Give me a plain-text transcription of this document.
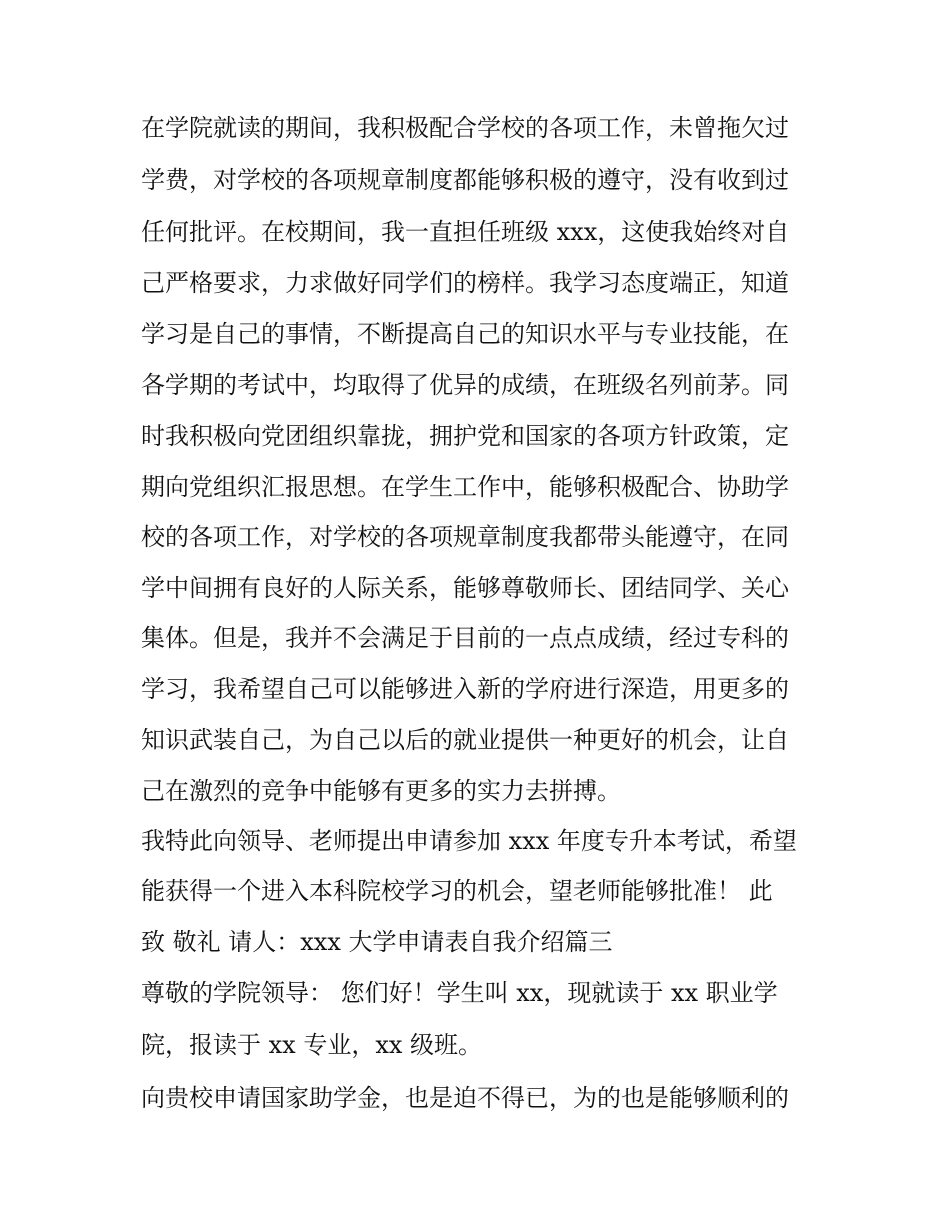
在学院就读的期间，我积极配合学校的各项工作，未曾拖欠过
学费，对学校的各项规章制度都能够积极的遵守，没有收到过
任何批评。在校期间，我一直担任班级 xxx，这使我始终对自
己严格要求，力求做好同学们的榜样。我学习态度端正，知道
学习是自己的事情，不断提高自己的知识水平与专业技能，在
各学期的考试中，均取得了优异的成绩，在班级名列前茅。同
时我积极向党团组织靠拢，拥护党和国家的各项方针政策，定
期向党组织汇报思想。在学生工作中，能够积极配合、协助学
校的各项工作，对学校的各项规章制度我都带头能遵守，在同
学中间拥有良好的人际关系，能够尊敬师长、团结同学、关心
集体。但是，我并不会满足于目前的一点点成绩，经过专科的
学习，我希望自己可以能够进入新的学府进行深造，用更多的
知识武装自己，为自己以后的就业提供一种更好的机会，让自
己在激烈的竞争中能够有更多的实力去拼搏。
我特此向领导、老师提出申请参加 xxx 年度专升本考试，希望
能获得一个进入本科院校学习的机会，望老师能够批准！ 此
致 敬礼 请人：xxx 大学申请表自我介绍篇三
尊敬的学院领导： 您们好！学生叫 xx，现就读于 xx 职业学
院，报读于 xx 专业，xx 级班。
向贵校申请国家助学金，也是迫不得已，为的也是能够顺利的
